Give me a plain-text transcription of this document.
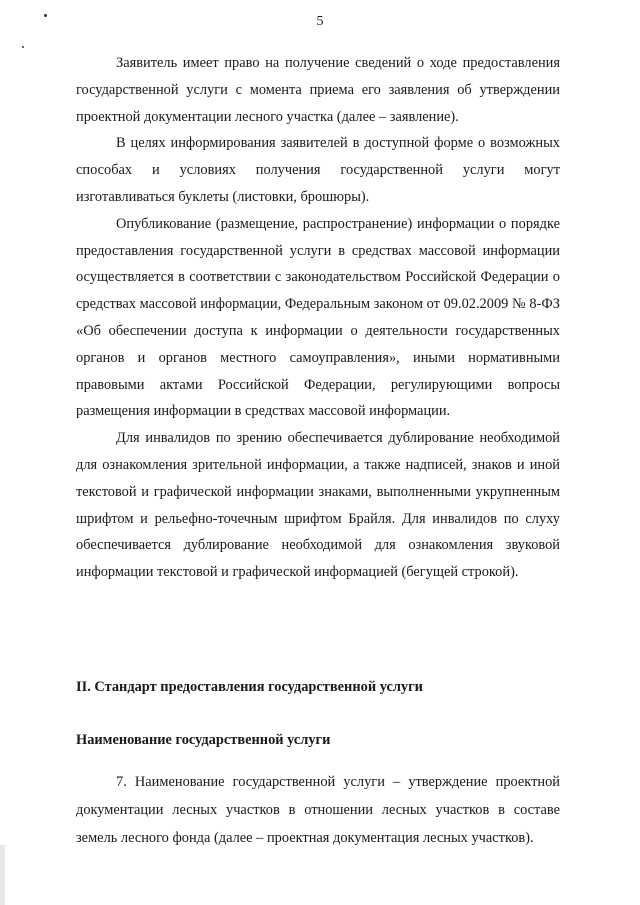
5

Заявитель имеет право на получение сведений о ходе предоставления государственной услуги с момента приема его заявления об утверждении проектной документации лесного участка (далее – заявление).

В целях информирования заявителей в доступной форме о возможных способах и условиях получения государственной услуги могут изготавливаться буклеты (листовки, брошюры).

Опубликование (размещение, распространение) информации о порядке предоставления государственной услуги в средствах массовой информации осуществляется в соответствии с законодательством Российской Федерации о средствах массовой информации, Федеральным законом от 09.02.2009 № 8-ФЗ «Об обеспечении доступа к информации о деятельности государственных органов и органов местного самоуправления», иными нормативными правовыми актами Российской Федерации, регулирующими вопросы размещения информации в средствах массовой информации.

Для инвалидов по зрению обеспечивается дублирование необходимой для ознакомления зрительной информации, а также надписей, знаков и иной текстовой и графической информации знаками, выполненными укрупненным шрифтом и рельефно-точечным шрифтом Брайля. Для инвалидов по слуху обеспечивается дублирование необходимой для ознакомления звуковой информации текстовой и графической информацией (бегущей строкой).

II. Стандарт предоставления государственной услуги
Наименование государственной услуги

7. Наименование государственной услуги – утверждение проектной документации лесных участков в отношении лесных участков в составе земель лесного фонда (далее – проектная документация лесных участков).
